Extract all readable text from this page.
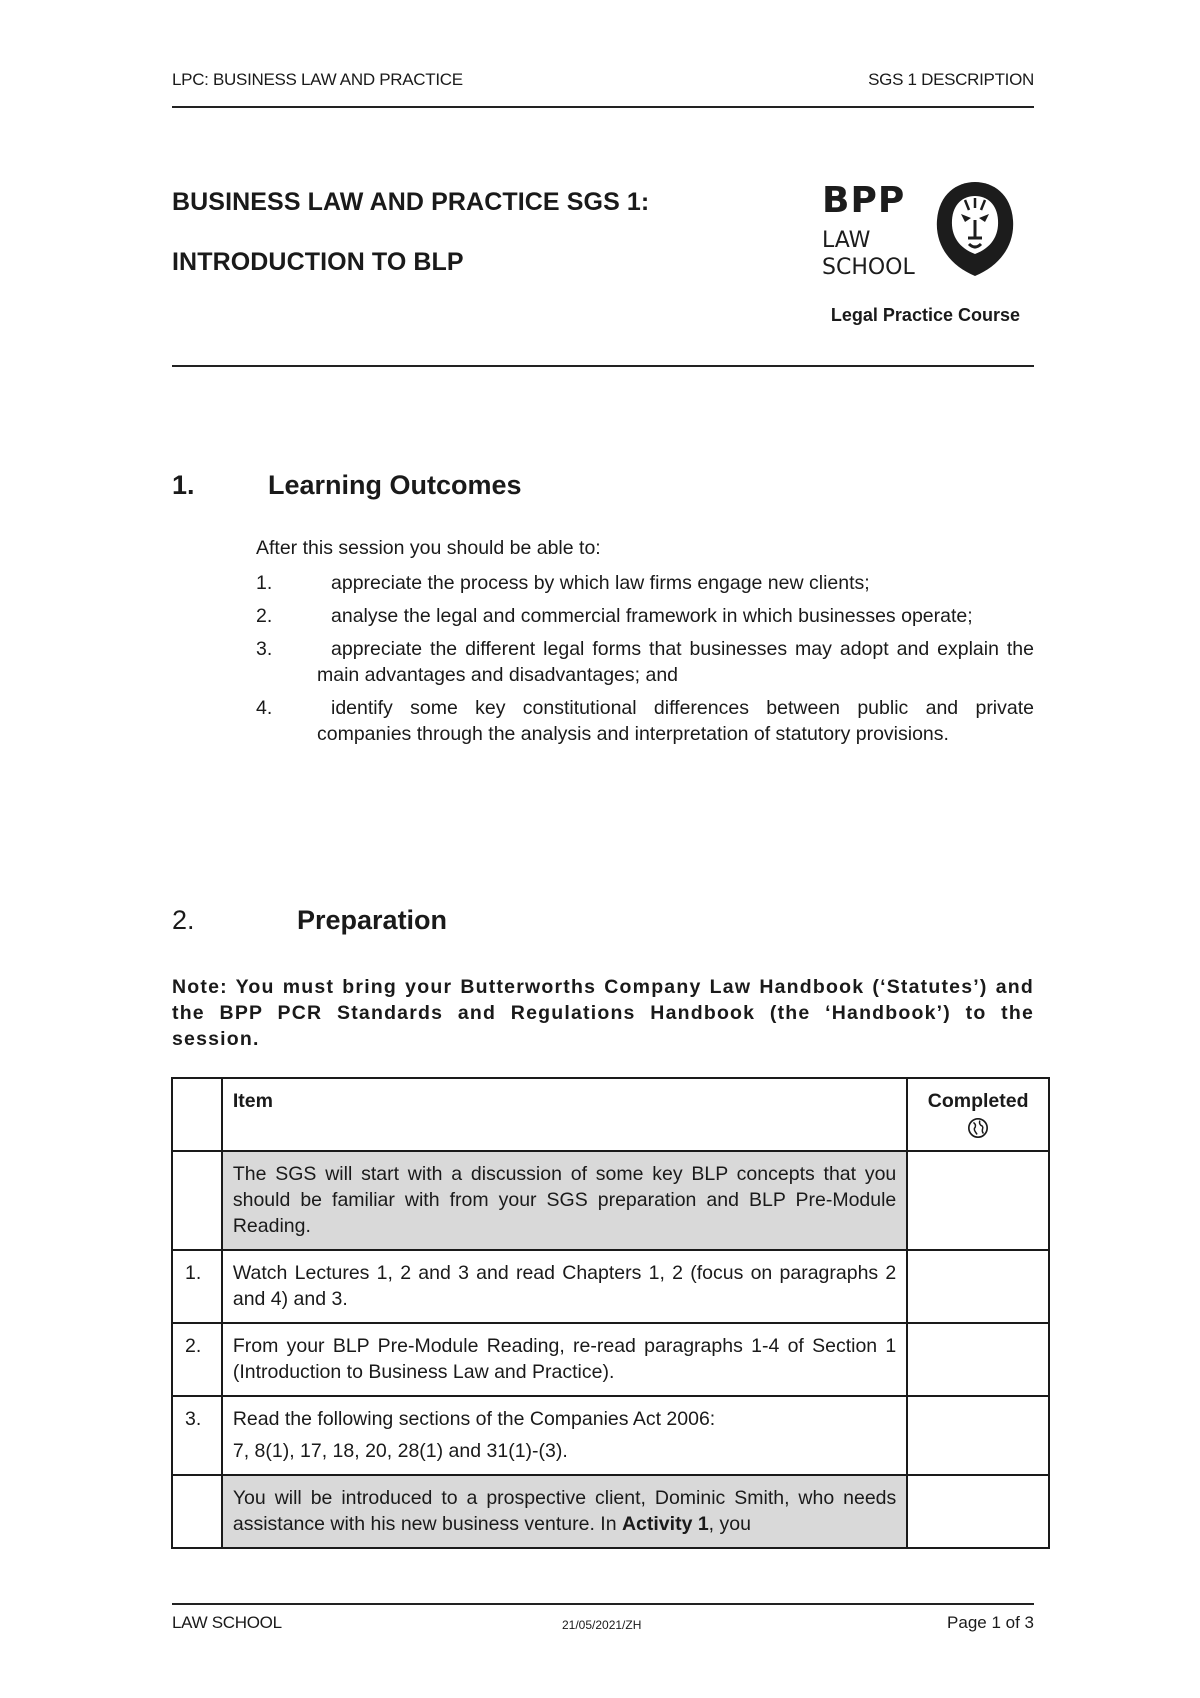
LPC: BUSINESS LAW AND PRACTICE	SGS 1 DESCRIPTION
BUSINESS LAW AND PRACTICE SGS 1:
INTRODUCTION TO BLP
BPP
LAW
SCHOOL
Legal Practice Course
1.	Learning Outcomes
After this session you should be able to:
1.	appreciate the process by which law firms engage new clients;
2.	analyse the legal and commercial framework in which businesses operate;
3.	appreciate the different legal forms that businesses may adopt and explain the main advantages and disadvantages; and
4.	identify some key constitutional differences between public and private companies through the analysis and interpretation of statutory provisions.
2.	Preparation
Note: You must bring your Butterworths Company Law Handbook (‘Statutes’) and the BPP PCR Standards and Regulations Handbook (the ‘Handbook’) to the session.
	Item	Completed

	The SGS will start with a discussion of some key BLP concepts that you should be familiar with from your SGS preparation and BLP Pre-Module Reading.	
1.	Watch Lectures 1, 2 and 3 and read Chapters 1, 2 (focus on paragraphs 2 and 4) and 3.	
2.	From your BLP Pre-Module Reading, re-read paragraphs 1-4 of Section 1 (Introduction to Business Law and Practice).	
3.	Read the following sections of the Companies Act 2006:
7, 8(1), 17, 18, 20, 28(1) and 31(1)-(3).	

	You will be introduced to a prospective client, Dominic Smith, who needs assistance with his new business venture. In Activity 1, you	
LAW SCHOOL	21/05/2021/ZH	Page 1 of 3
